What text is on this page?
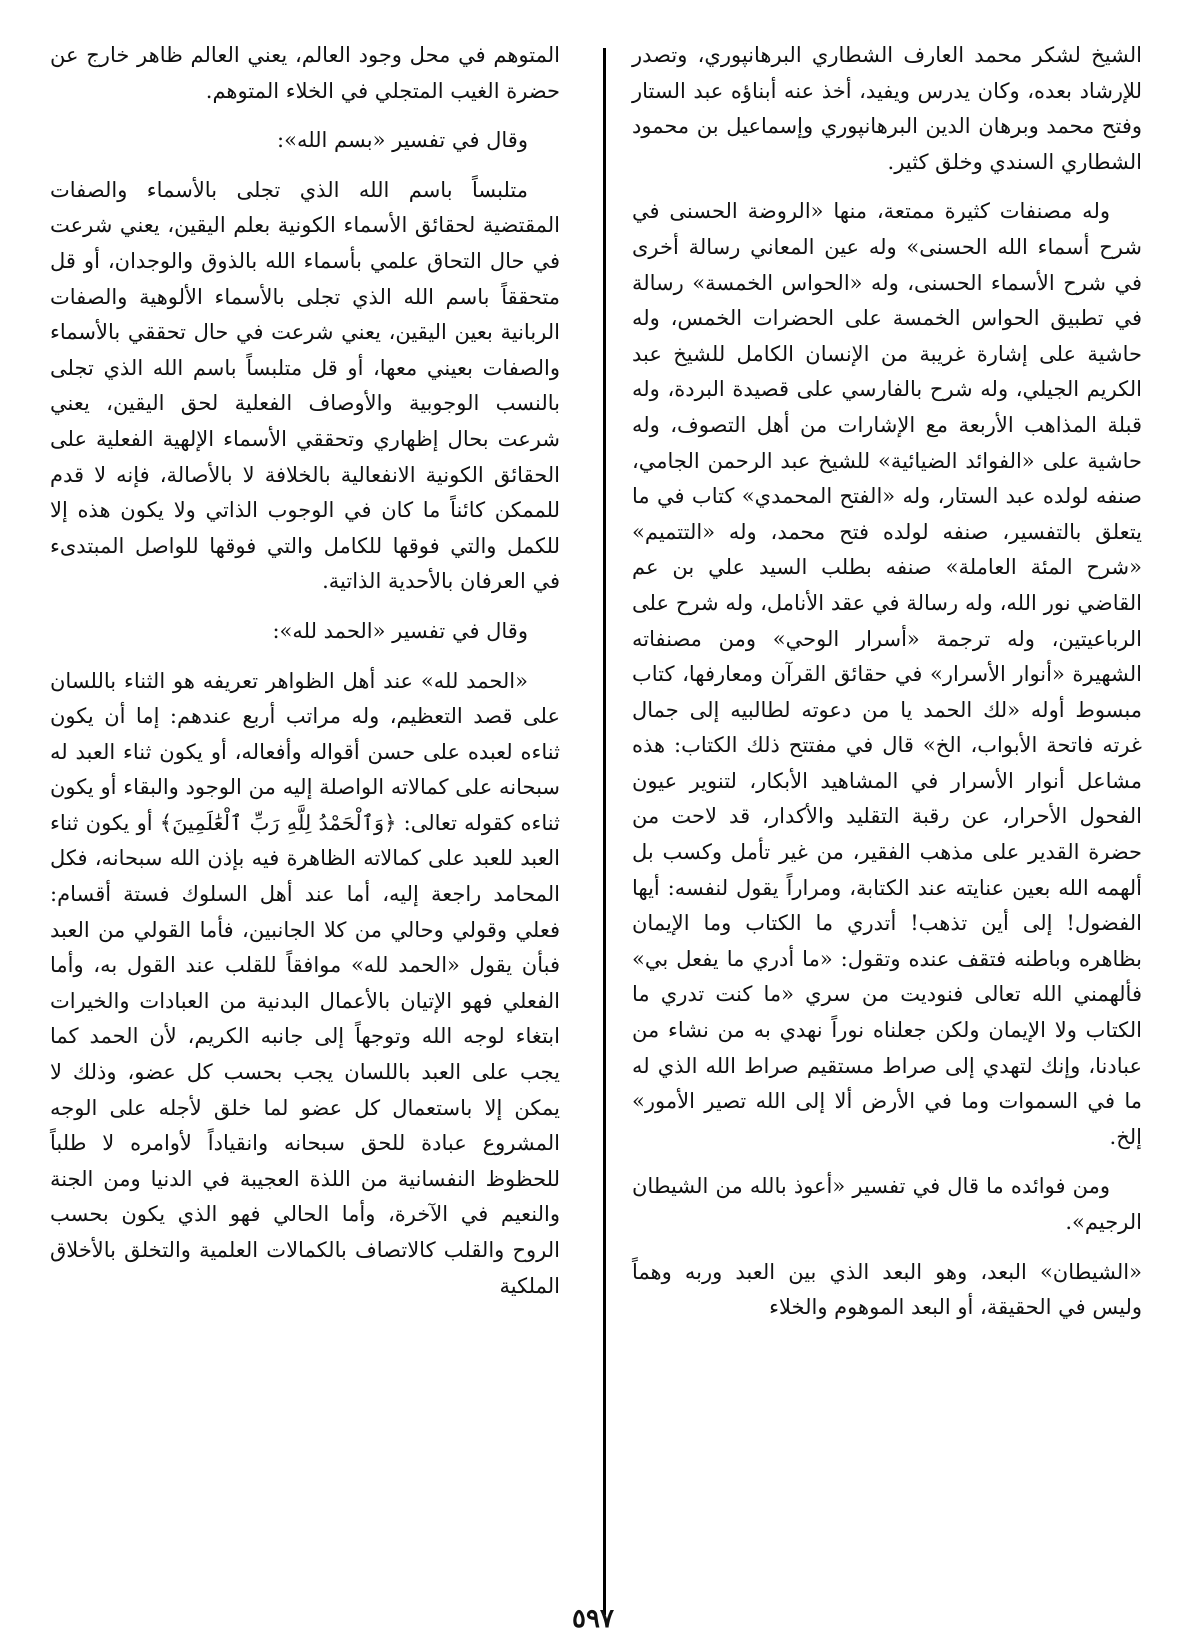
الشيخ لشكر محمد العارف الشطاري البرهانپوري، وتصدر للإرشاد بعده، وكان يدرس ويفيد، أخذ عنه أبناؤه عبد الستار وفتح محمد وبرهان الدين البرهانپوري وإسماعيل بن محمود الشطاري السندي وخلق كثير.

وله مصنفات كثيرة ممتعة، منها «الروضة الحسنى في شرح أسماء الله الحسنى» وله عين المعاني رسالة أخرى في شرح الأسماء الحسنى، وله «الحواس الخمسة» رسالة في تطبيق الحواس الخمسة على الحضرات الخمس، وله حاشية على إشارة غريبة من الإنسان الكامل للشيخ عبد الكريم الجيلي، وله شرح بالفارسي على قصيدة البردة، وله قبلة المذاهب الأربعة مع الإشارات من أهل التصوف، وله حاشية على «الفوائد الضيائية» للشيخ عبد الرحمن الجامي، صنفه لولده عبد الستار، وله «الفتح المحمدي» كتاب في ما يتعلق بالتفسير، صنفه لولده فتح محمد، وله «التتميم» «شرح المئة العاملة» صنفه بطلب السيد علي بن عم القاضي نور الله، وله رسالة في عقد الأنامل، وله شرح على الرباعيتين، وله ترجمة «أسرار الوحي» ومن مصنفاته الشهيرة «أنوار الأسرار» في حقائق القرآن ومعارفها، كتاب مبسوط أوله «لك الحمد يا من دعوته لطالبيه إلى جمال غرته فاتحة الأبواب، الخ» قال في مفتتح ذلك الكتاب: هذه مشاعل أنوار الأسرار في المشاهيد الأبكار، لتنوير عيون الفحول الأحرار، عن رقبة التقليد والأكدار، قد لاحت من حضرة القدير على مذهب الفقير، من غير تأمل وكسب بل ألهمه الله بعين عنايته عند الكتابة، ومراراً يقول لنفسه: أيها الفضول! إلى أين تذهب! أتدري ما الكتاب وما الإيمان بظاهره وباطنه فتقف عنده وتقول: «ما أدري ما يفعل بي» فألهمني الله تعالى فنوديت من سري «ما كنت تدري ما الكتاب ولا الإيمان ولكن جعلناه نوراً نهدي به من نشاء من عبادنا، وإنك لتهدي إلى صراط مستقيم صراط الله الذي له ما في السموات وما في الأرض ألا إلى الله تصير الأمور» إلخ.

ومن فوائده ما قال في تفسير «أعوذ بالله من الشيطان الرجيم».

«الشيطان» البعد، وهو البعد الذي بين العبد وربه وهماً وليس في الحقيقة، أو البعد الموهوم والخلاء

المتوهم في محل وجود العالم، يعني العالم ظاهر خارج عن حضرة الغيب المتجلي في الخلاء المتوهم.

وقال في تفسير «بسم الله»:

متلبساً باسم الله الذي تجلى بالأسماء والصفات المقتضية لحقائق الأسماء الكونية بعلم اليقين، يعني شرعت في حال التحاق علمي بأسماء الله بالذوق والوجدان، أو قل متحققاً باسم الله الذي تجلى بالأسماء الألوهية والصفات الربانية بعين اليقين، يعني شرعت في حال تحققي بالأسماء والصفات بعيني معها، أو قل متلبساً باسم الله الذي تجلى بالنسب الوجوبية والأوصاف الفعلية لحق اليقين، يعني شرعت بحال إظهاري وتحققي الأسماء الإلهية الفعلية على الحقائق الكونية الانفعالية بالخلافة لا بالأصالة، فإنه لا قدم للممكن كائناً ما كان في الوجوب الذاتي ولا يكون هذه إلا للكمل والتي فوقها للكامل والتي فوقها للواصل المبتدىء في العرفان بالأحدية الذاتية.

وقال في تفسير «الحمد لله»:

«الحمد لله» عند أهل الظواهر تعريفه هو الثناء باللسان على قصد التعظيم، وله مراتب أربع عندهم: إما أن يكون ثناءه لعبده على حسن أقواله وأفعاله، أو يكون ثناء العبد له سبحانه على كمالاته الواصلة إليه من الوجود والبقاء أو يكون ثناءه كقوله تعالى: ﴿وَٱلْحَمْدُ لِلَّهِ رَبِّ ٱلْعَٰلَمِينَ﴾ أو يكون ثناء العبد للعبد على كمالاته الظاهرة فيه بإذن الله سبحانه، فكل المحامد راجعة إليه، أما عند أهل السلوك فستة أقسام: فعلي وقولي وحالي من كلا الجانبين، فأما القولي من العبد فبأن يقول «الحمد لله» موافقاً للقلب عند القول به، وأما الفعلي فهو الإتيان بالأعمال البدنية من العبادات والخيرات ابتغاء لوجه الله وتوجهاً إلى جانبه الكريم، لأن الحمد كما يجب على العبد باللسان يجب بحسب كل عضو، وذلك لا يمكن إلا باستعمال كل عضو لما خلق لأجله على الوجه المشروع عبادة للحق سبحانه وانقياداً لأوامره لا طلباً للحظوظ النفسانية من اللذة العجيبة في الدنيا ومن الجنة والنعيم في الآخرة، وأما الحالي فهو الذي يكون بحسب الروح والقلب كالاتصاف بالكمالات العلمية والتخلق بالأخلاق الملكية

٥٩٧
